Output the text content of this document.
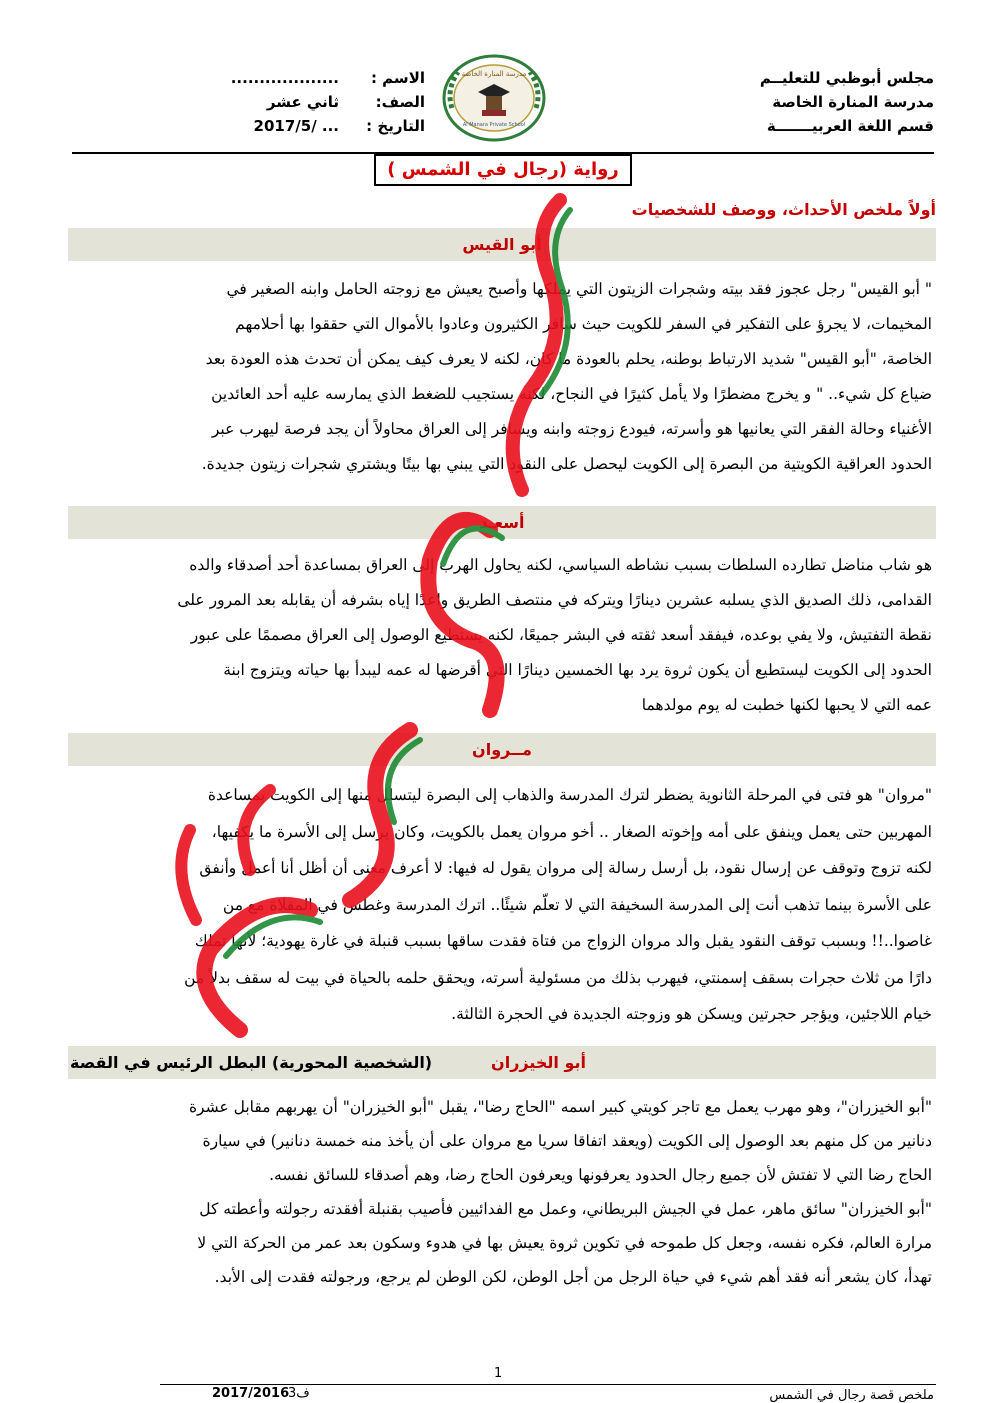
مجلس أبوظبي للتعليــم
مدرسة المنارة الخاصة
قسم اللغة العربيـــــــة
مدرسة المنارة الخاصة
Al Manara Private School
الاسم :
...................
الصف:
ثاني عشر
التاريخ :
2017/5/ ...
رواية (رجال في الشمس )
أولاً ملخص الأحداث، ووصف للشخصيات
أبو القيس
" أبو القيس" رجل عجوز فقد بيته وشجرات الزيتون التي يملكها وأصبح يعيش مع زوجته الحامل وابنه الصغير في
المخيمات، لا يجرؤ على التفكير في السفر للكويت حيث سافر الكثيرون وعادوا بالأموال التي حققوا بها أحلامهم
الخاصة، "أبو القيس" شديد الارتباط بوطنه، يحلم بالعودة ما كان، لكنه لا يعرف كيف يمكن أن تحدث هذه العودة بعد
ضياع كل شيء.. " و يخرج مضطرًا ولا يأمل كثيرًا في النجاح، لكنه يستجيب للضغط الذي يمارسه عليه أحد العائدين
الأغنياء وحالة الفقر التي يعانيها هو وأسرته، فيودع زوجته وابنه ويسافر إلى العراق محاولاً أن يجد فرصة ليهرب عبر
الحدود العراقية الكويتية من البصرة إلى الكويت ليحصل على النقود التي يبني بها بيتًا ويشتري شجرات زيتون جديدة.
أسعـد
هو شاب مناضل تطارده السلطات بسبب نشاطه السياسي، لكنه يحاول الهرب إلى العراق بمساعدة أحد أصدقاء والده
القدامى، ذلك الصديق الذي يسلبه عشرين دينارًا ويتركه في منتصف الطريق واعدًا إياه بشرفه أن يقابله بعد المرور على
نقطة التفتيش، ولا يفي بوعده، فيفقد أسعد ثقته في البشر جميعًا، لكنه يستطيع الوصول إلى العراق مصممًا على عبور
الحدود إلى الكويت ليستطيع أن يكون ثروة يرد بها الخمسين دينارًا التي أقرضها له عمه ليبدأ بها حياته ويتزوج ابنة
عمه التي لا يحبها لكنها خطبت له يوم مولدهما
مــروان
"مروان" هو فتى في المرحلة الثانوية يضطر لترك المدرسة والذهاب إلى البصرة ليتسلل منها إلى الكويت بمساعدة
المهربين حتى يعمل وينفق على أمه وإخوته الصغار .. أخو مروان يعمل بالكويت، وكان يرسل إلى الأسرة ما يكفيها،
لكنه تزوج وتوقف عن إرسال نقود، بل أرسل رسالة إلى مروان يقول له فيها: لا أعرف معنى أن أظل أنا أعمل وأنفق
على الأسرة بينما تذهب أنت إلى المدرسة السخيفة التي لا تعلّم شيئًا.. اترك المدرسة وغطس في المقلاة مع من
غاصوا..!! وبسبب توقف النقود يقبل والد مروان الزواج من فتاة فقدت ساقها بسبب قنبلة في غارة يهودية؛ لأنها تملك
دارًا من ثلاث حجرات بسقف إسمنتي، فيهرب بذلك من مسئولية أسرته، ويحقق حلمه بالحياة في بيت له سقف بدلاً من
خيام اللاجئين، ويؤجر حجرتين ويسكن هو وزوجته الجديدة في الحجرة الثالثة.
أبو الخيزران
(الشخصية المحورية) البطل الرئيس في القصة
"أبو الخيزران"، وهو مهرب يعمل مع تاجر كويتي كبير اسمه "الحاج رضا"، يقبل "أبو الخيزران" أن يهربهم مقابل عشرة
دنانير من كل منهم بعد الوصول إلى الكويت (ويعقد اتفاقا سريا مع مروان على أن يأخذ منه خمسة دنانير) في سيارة
الحاج رضا التي لا تفتش لأن جميع رجال الحدود يعرفونها ويعرفون الحاج رضا، وهم أصدقاء للسائق نفسه.
"أبو الخيزران" سائق ماهر، عمل في الجيش البريطاني، وعمل مع الفدائيين فأصيب بقنبلة أفقدته رجولته وأعطته كل
مرارة العالم، فكره نفسه، وجعل كل طموحه في تكوين ثروة يعيش بها في هدوء وسكون بعد عمر من الحركة التي لا
تهدأ، كان يشعر أنه فقد أهم شيء في حياة الرجل من أجل الوطن، لكن الوطن لم يرجع، ورجولته فقدت إلى الأبد.
ملخص قصة رجال في الشمس
1
ف3
2017/2016
